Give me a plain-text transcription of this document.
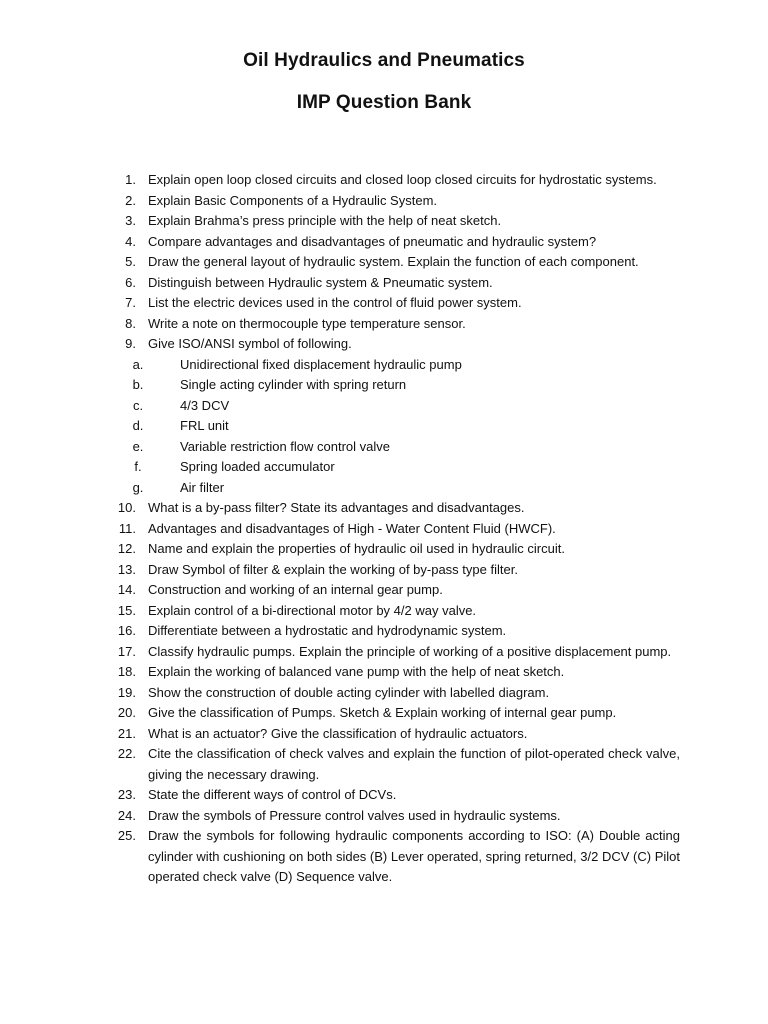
Oil Hydraulics and Pneumatics
IMP Question Bank
1. Explain open loop closed circuits and closed loop closed circuits for hydrostatic systems.
2. Explain Basic Components of a Hydraulic System.
3. Explain Brahma’s press principle with the help of neat sketch.
4. Compare advantages and disadvantages of pneumatic and hydraulic system?
5. Draw the general layout of hydraulic system. Explain the function of each component.
6. Distinguish between Hydraulic system & Pneumatic system.
7. List the electric devices used in the control of fluid power system.
8. Write a note on thermocouple type temperature sensor.
9. Give ISO/ANSI symbol of following.
a.	Unidirectional fixed displacement hydraulic pump
b.	Single acting cylinder with spring return
c.	4/3 DCV
d.	FRL unit
e.	Variable restriction flow control valve
f.	Spring loaded accumulator
g.	Air filter
10. What is a by-pass filter? State its advantages and disadvantages.
11. Advantages and disadvantages of High - Water Content Fluid (HWCF).
12. Name and explain the properties of hydraulic oil used in hydraulic circuit.
13. Draw Symbol of filter & explain the working of by-pass type filter.
14. Construction and working of an internal gear pump.
15. Explain control of a bi-directional motor by 4/2 way valve.
16. Differentiate between a hydrostatic and hydrodynamic system.
17. Classify hydraulic pumps. Explain the principle of working of a positive displacement pump.
18. Explain the working of balanced vane pump with the help of neat sketch.
19. Show the construction of double acting cylinder with labelled diagram.
20. Give the classification of Pumps. Sketch & Explain working of internal gear pump.
21. What is an actuator? Give the classification of hydraulic actuators.
22. Cite the classification of check valves and explain the function of pilot-operated check valve, giving the necessary drawing.
23. State the different ways of control of DCVs.
24. Draw the symbols of Pressure control valves used in hydraulic systems.
25. Draw the symbols for following hydraulic components according to ISO: (A) Double acting cylinder with cushioning on both sides (B) Lever operated, spring returned, 3/2 DCV (C) Pilot operated check valve (D) Sequence valve.
